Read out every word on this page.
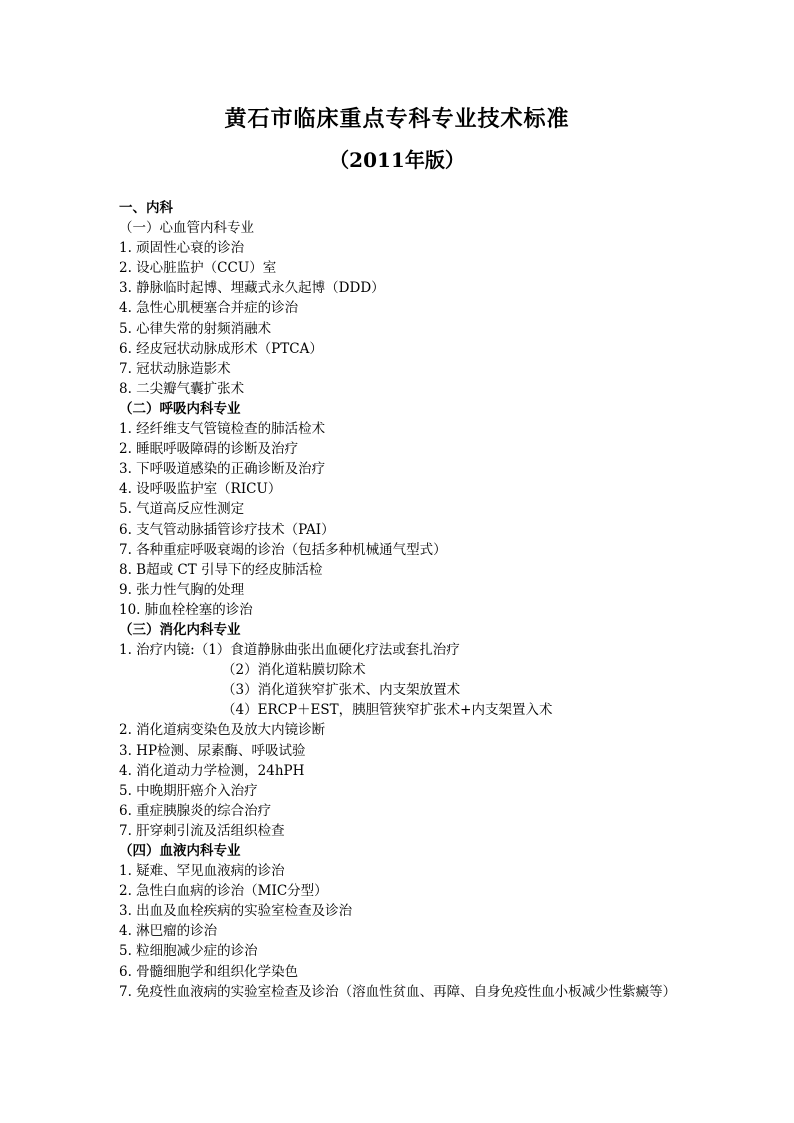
黄石市临床重点专科专业技术标准
（2011年版）
一、内科
（一）心血管内科专业
1. 顽固性心衰的诊治
2. 设心脏监护（CCU）室
3. 静脉临时起博、埋藏式永久起博（DDD）
4. 急性心肌梗塞合并症的诊治
5. 心律失常的射频消融术
6. 经皮冠状动脉成形术（PTCA）
7. 冠状动脉造影术
8. 二尖瓣气囊扩张术
（二）呼吸内科专业
1. 经纤维支气管镜检查的肺活检术
2. 睡眠呼吸障碍的诊断及治疗
3. 下呼吸道感染的正确诊断及治疗
4. 设呼吸监护室（RICU）
5. 气道高反应性测定
6. 支气管动脉插管诊疗技术（PAI）
7. 各种重症呼吸衰竭的诊治（包括多种机械通气型式）
8. B超或 CT 引导下的经皮肺活检
9. 张力性气胸的处理
10. 肺血栓栓塞的诊治
（三）消化内科专业
1. 治疗内镜:（1）食道静脉曲张出血硬化疗法或套扎治疗
（2）消化道粘膜切除术
（3）消化道狭窄扩张术、内支架放置术
（4）ERCP＋EST，胰胆管狭窄扩张术+内支架置入术
2. 消化道病变染色及放大内镜诊断
3. HP检测、尿素酶、呼吸试验
4. 消化道动力学检测，24hPH
5. 中晚期肝癌介入治疗
6. 重症胰腺炎的综合治疗
7. 肝穿刺引流及活组织检查
（四）血液内科专业
1. 疑难、罕见血液病的诊治
2. 急性白血病的诊治（MIC分型）
3. 出血及血栓疾病的实验室检查及诊治
4. 淋巴瘤的诊治
5. 粒细胞减少症的诊治
6. 骨髓细胞学和组织化学染色
7. 免疫性血液病的实验室检查及诊治（溶血性贫血、再障、自身免疫性血小板减少性紫癜等）
